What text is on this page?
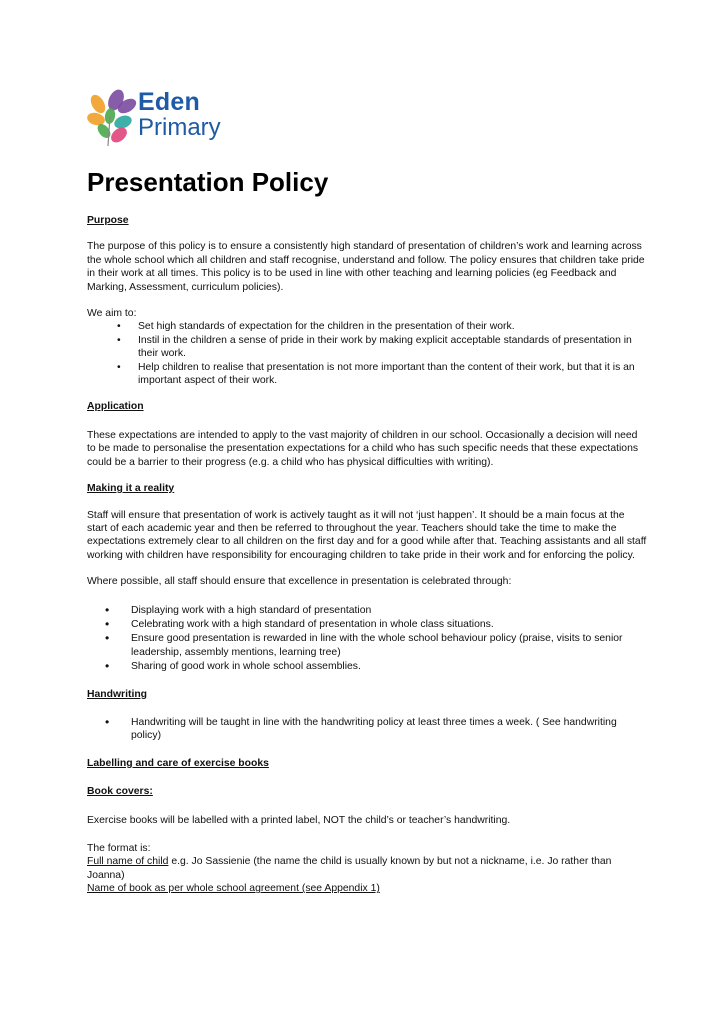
Eden
Primary
Presentation Policy

Purpose

The purpose of this policy is to ensure a consistently high standard of presentation of children’s work and learning across the whole school which all children and staff recognise, understand and follow. The policy ensures that children take pride in their work at all times. This policy is to be used in line with other teaching and learning policies (eg Feedback and Marking, Assessment, curriculum policies).

We aim to:

• Set high standards of expectation for the children in the presentation of their work.
• Instil in the children a sense of pride in their work by making explicit acceptable standards of presentation in their work.
• Help children to realise that presentation is not more important than the content of their work, but that it is an important aspect of their work.

Application

These expectations are intended to apply to the vast majority of children in our school. Occasionally a decision will need to be made to personalise the presentation expectations for a child who has such specific needs that these expectations could be a barrier to their progress (e.g. a child who has physical difficulties with writing).

Making it a reality

Staff will ensure that presentation of work is actively taught as it will not ‘just happen’. It should be a main focus at the start of each academic year and then be referred to throughout the year. Teachers should take the time to make the expectations extremely clear to all children on the first day and for a good while after that. Teaching assistants and all staff working with children have responsibility for encouraging children to take pride in their work and for enforcing the policy.

Where possible, all staff should ensure that excellence in presentation is celebrated through:

• Displaying work with a high standard of presentation
• Celebrating work with a high standard of presentation in whole class situations.
• Ensure good presentation is rewarded in line with the whole school behaviour policy (praise, visits to senior leadership, assembly mentions, learning tree)
• Sharing of good work in whole school assemblies.

Handwriting

• Handwriting will be taught in line with the handwriting policy at least three times a week. ( See handwriting policy)

Labelling and care of exercise books

Book covers:

Exercise books will be labelled with a printed label, NOT the child’s or teacher’s handwriting.

The format is:

Full name of child e.g. Jo Sassienie (the name the child is usually known by but not a nickname, i.e. Jo rather than Joanna)

Name of book as per whole school agreement (see Appendix 1)
